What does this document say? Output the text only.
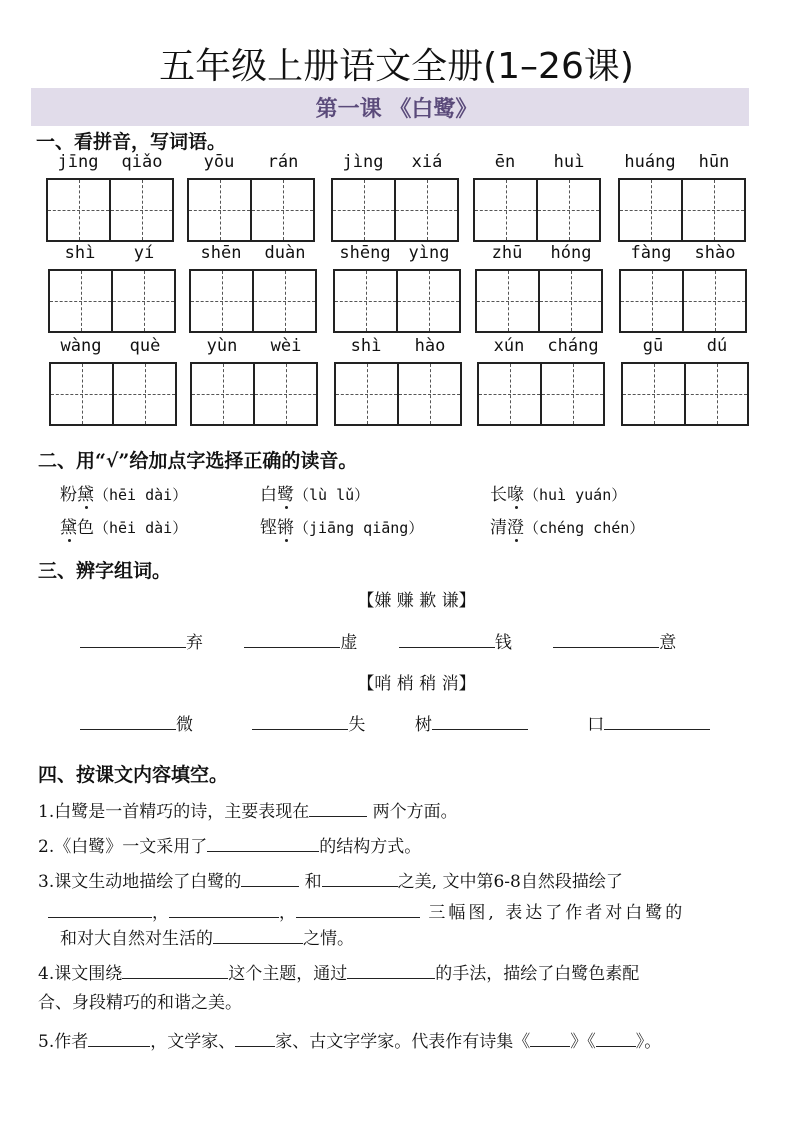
五年级上册语文全册(1–26课)
第一课 《白鹭》
一、看拼音，写词语。
jīng	qiǎo	yōu	rán	jìng	xiá	ēn	huì	huáng	hūn
shì	yí	shēn	duàn	shēng	yìng	zhū	hóng	fàng	shào
wàng	què	yùn	wèi	shì	hào	xún	cháng	gū	dú
二、用“√”给加点字选择正确的读音。
粉黛（hēi dài）	白鹭（lù lǔ）	长喙（huì yuán）
黛色（hēi dài）	铿锵（jiāng qiāng）	清澄（chéng chén）
三、辨字组词。
【嫌 赚 歉 谦】
【哨 梢 稍 消】
弃	虚	钱	意
微	失	树	口
四、按课文内容填空。
1.白鹭是一首精巧的诗，主要表现在	两个方面。
2.《白鹭》一文采用了	的结构方式。
3.课文生动地描绘了白鹭的	和	之美, 文中第6-8自然段描绘了
，	，	三幅图, 表达了作者对白鹭的
和对大自然对生活的	之情。
4.课文围绕	这个主题，通过	的手法，描绘了白鹭色素配
合、身段精巧的和谐之美。
5.作者	，文学家、 家、古文字学家。代表作有诗集《 》《 》。
